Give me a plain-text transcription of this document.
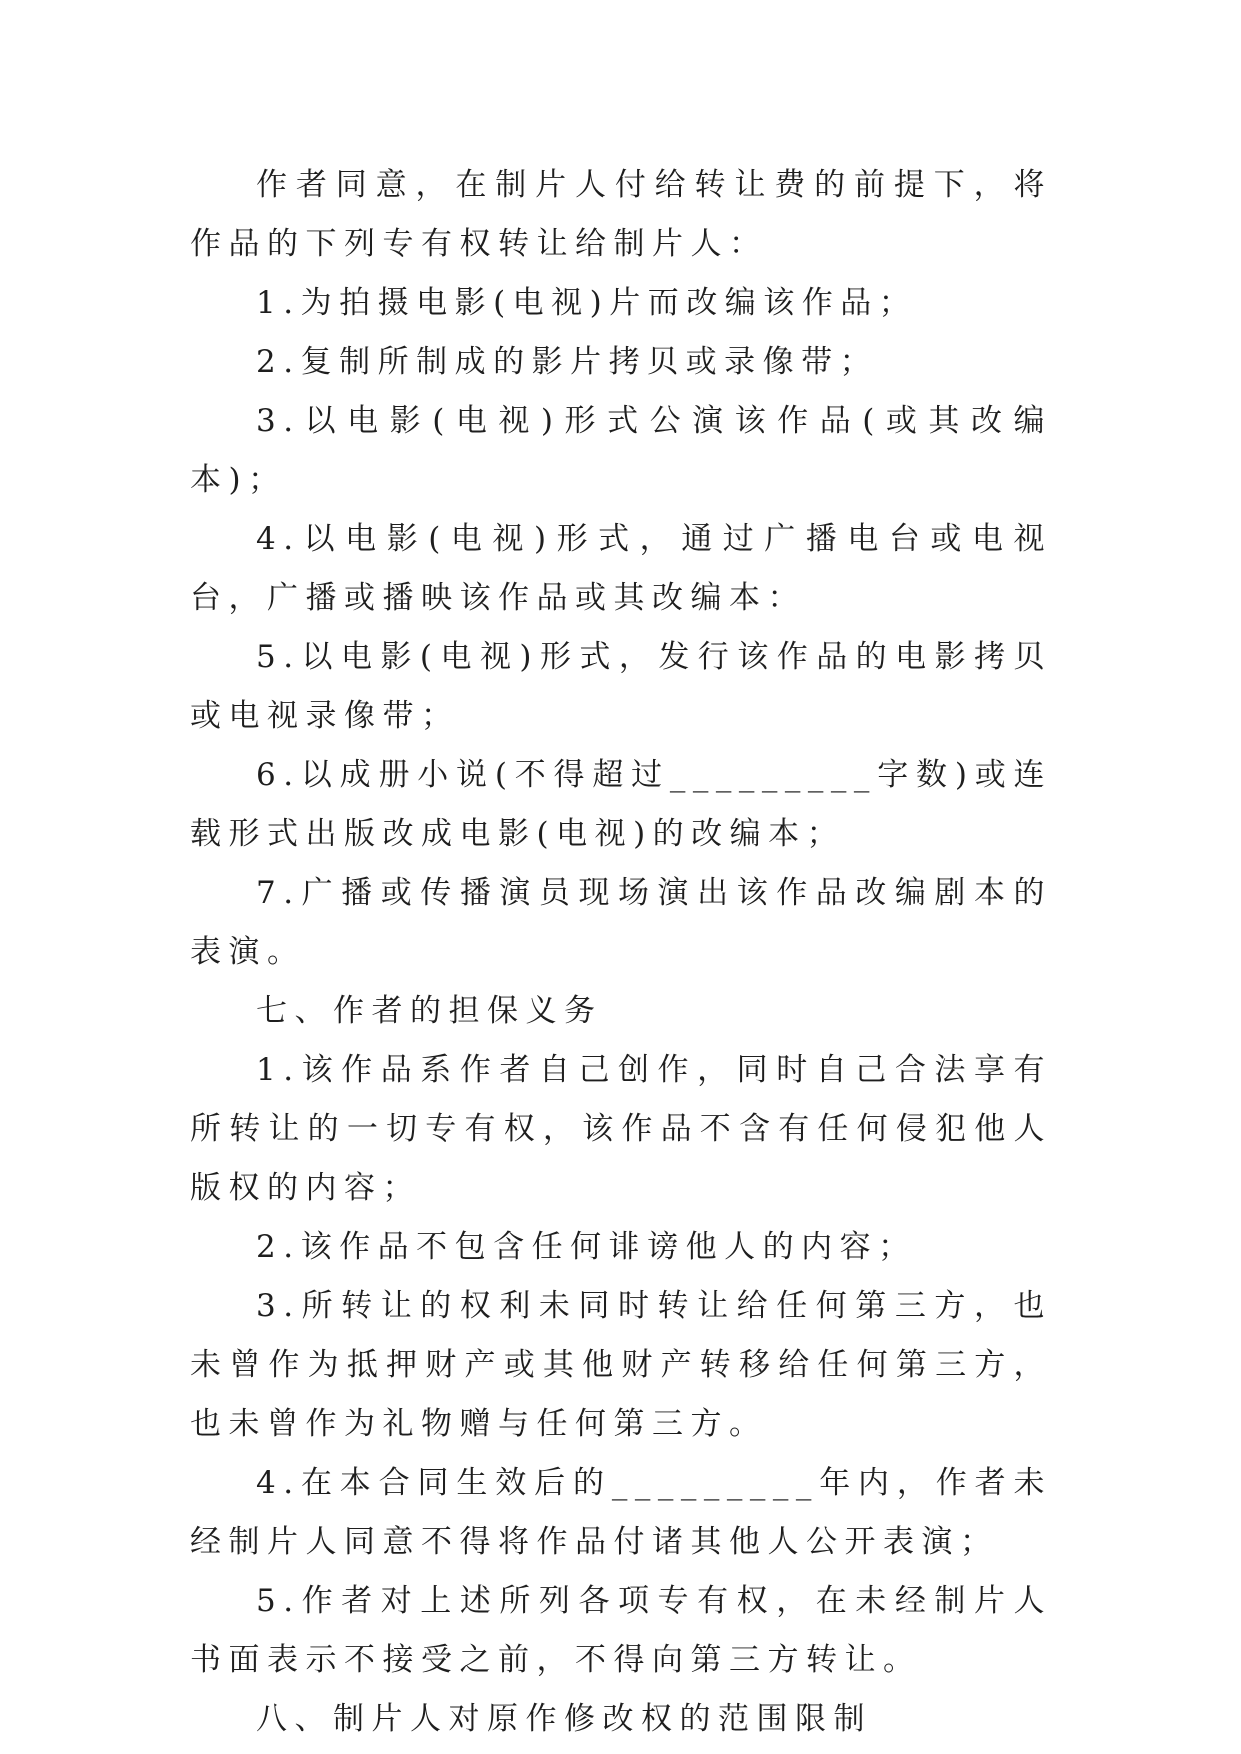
作者同意，在制片人付给转让费的前提下，将作品的下列专有权转让给制片人：

1.为拍摄电影(电视)片而改编该作品；

2.复制所制成的影片拷贝或录像带；

3.以电影(电视)形式公演该作品(或其改编本)；

4.以电影(电视)形式，通过广播电台或电视台，广播或播映该作品或其改编本：

5.以电影(电视)形式，发行该作品的电影拷贝或电视录像带；

6.以成册小说(不得超过_________字数)或连载形式出版改成电影(电视)的改编本；

7.广播或传播演员现场演出该作品改编剧本的表演。

七、作者的担保义务

1.该作品系作者自己创作，同时自己合法享有所转让的一切专有权，该作品不含有任何侵犯他人版权的内容；

2.该作品不包含任何诽谤他人的内容；

3.所转让的权利未同时转让给任何第三方，也未曾作为抵押财产或其他财产转移给任何第三方，也未曾作为礼物赠与任何第三方。

4.在本合同生效后的_________年内，作者未经制片人同意不得将作品付诸其他人公开表演；

5.作者对上述所列各项专有权，在未经制片人书面表示不接受之前，不得向第三方转让。

八、制片人对原作修改权的范围限制
